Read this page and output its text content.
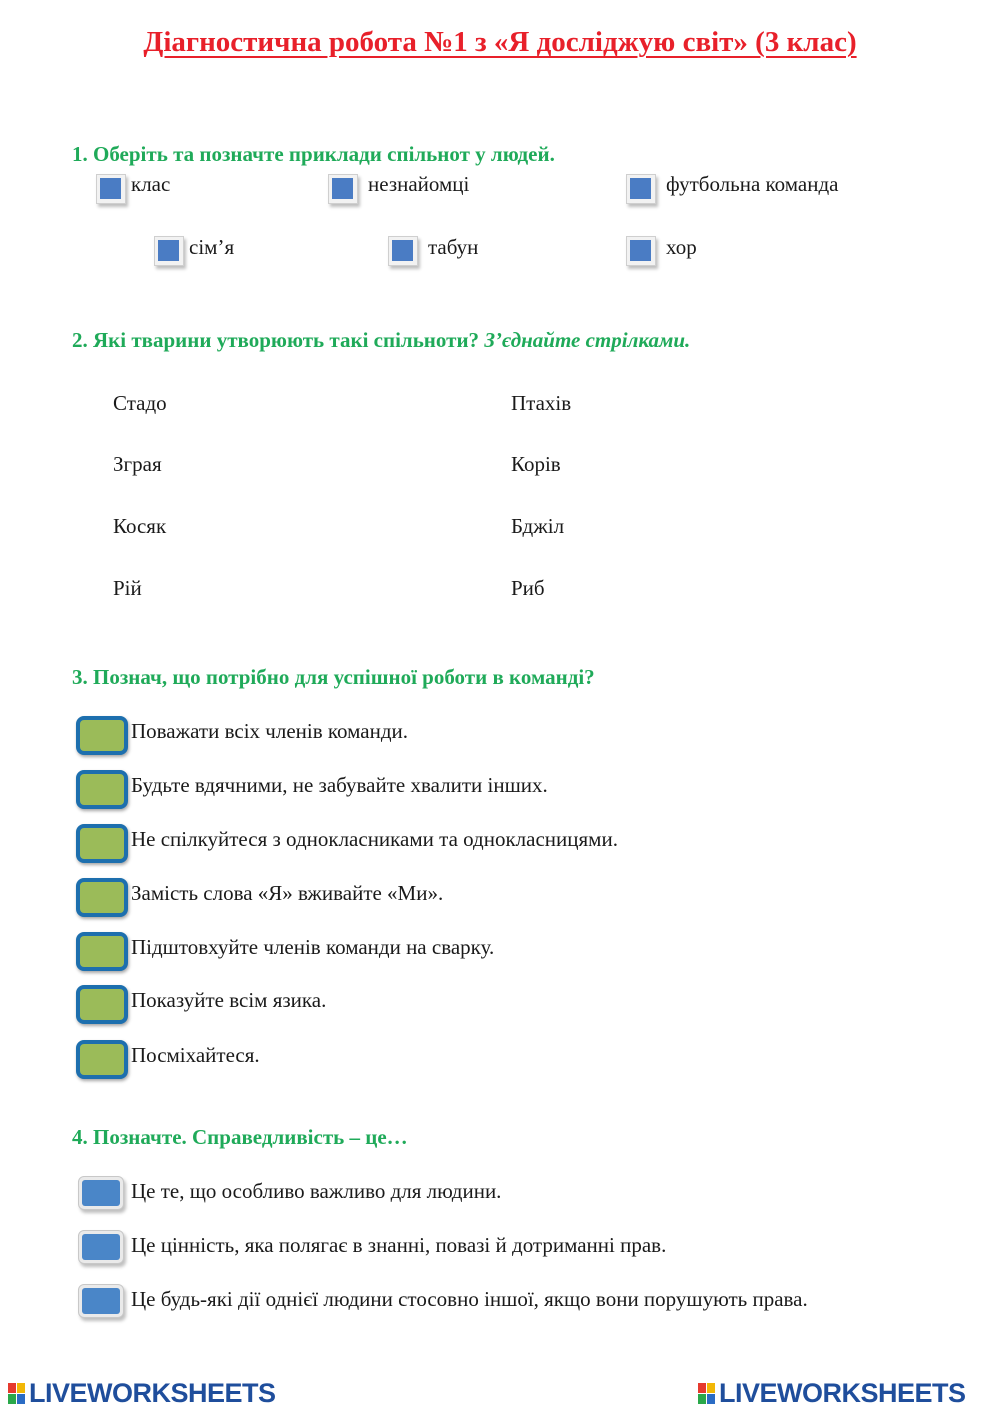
Діагностична робота №1 з «Я досліджую світ» (3 клас)
1. Оберіть та позначте приклади спільнот у людей.
клас	незнайомці	футбольна команда
сім’я	табун	хор
2. Які тварини утворюють такі спільноти? З’єднайте стрілками.
Стадо
Зграя
Косяк
Рій
Птахів
Корів
Бджіл
Риб
3. Познач, що потрібно для успішної роботи в команді?
Поважати всіх членів команди.
Будьте вдячними, не забувайте хвалити інших.
Не спілкуйтеся з однокласниками та однокласницями.
Замість слова «Я» вживайте «Ми».
Підштовхуйте членів команди на сварку.
Показуйте всім язика.
Посміхайтеся.
4. Позначте. Справедливість – це…
Це те, що особливо важливо для людини.
Це цінність, яка полягає в знанні, повазі й дотриманні прав.
Це будь-які дії однієї людини стосовно іншої, якщо вони порушують права.
LIVEWORKSHEETS	LIVEWORKSHEETS
